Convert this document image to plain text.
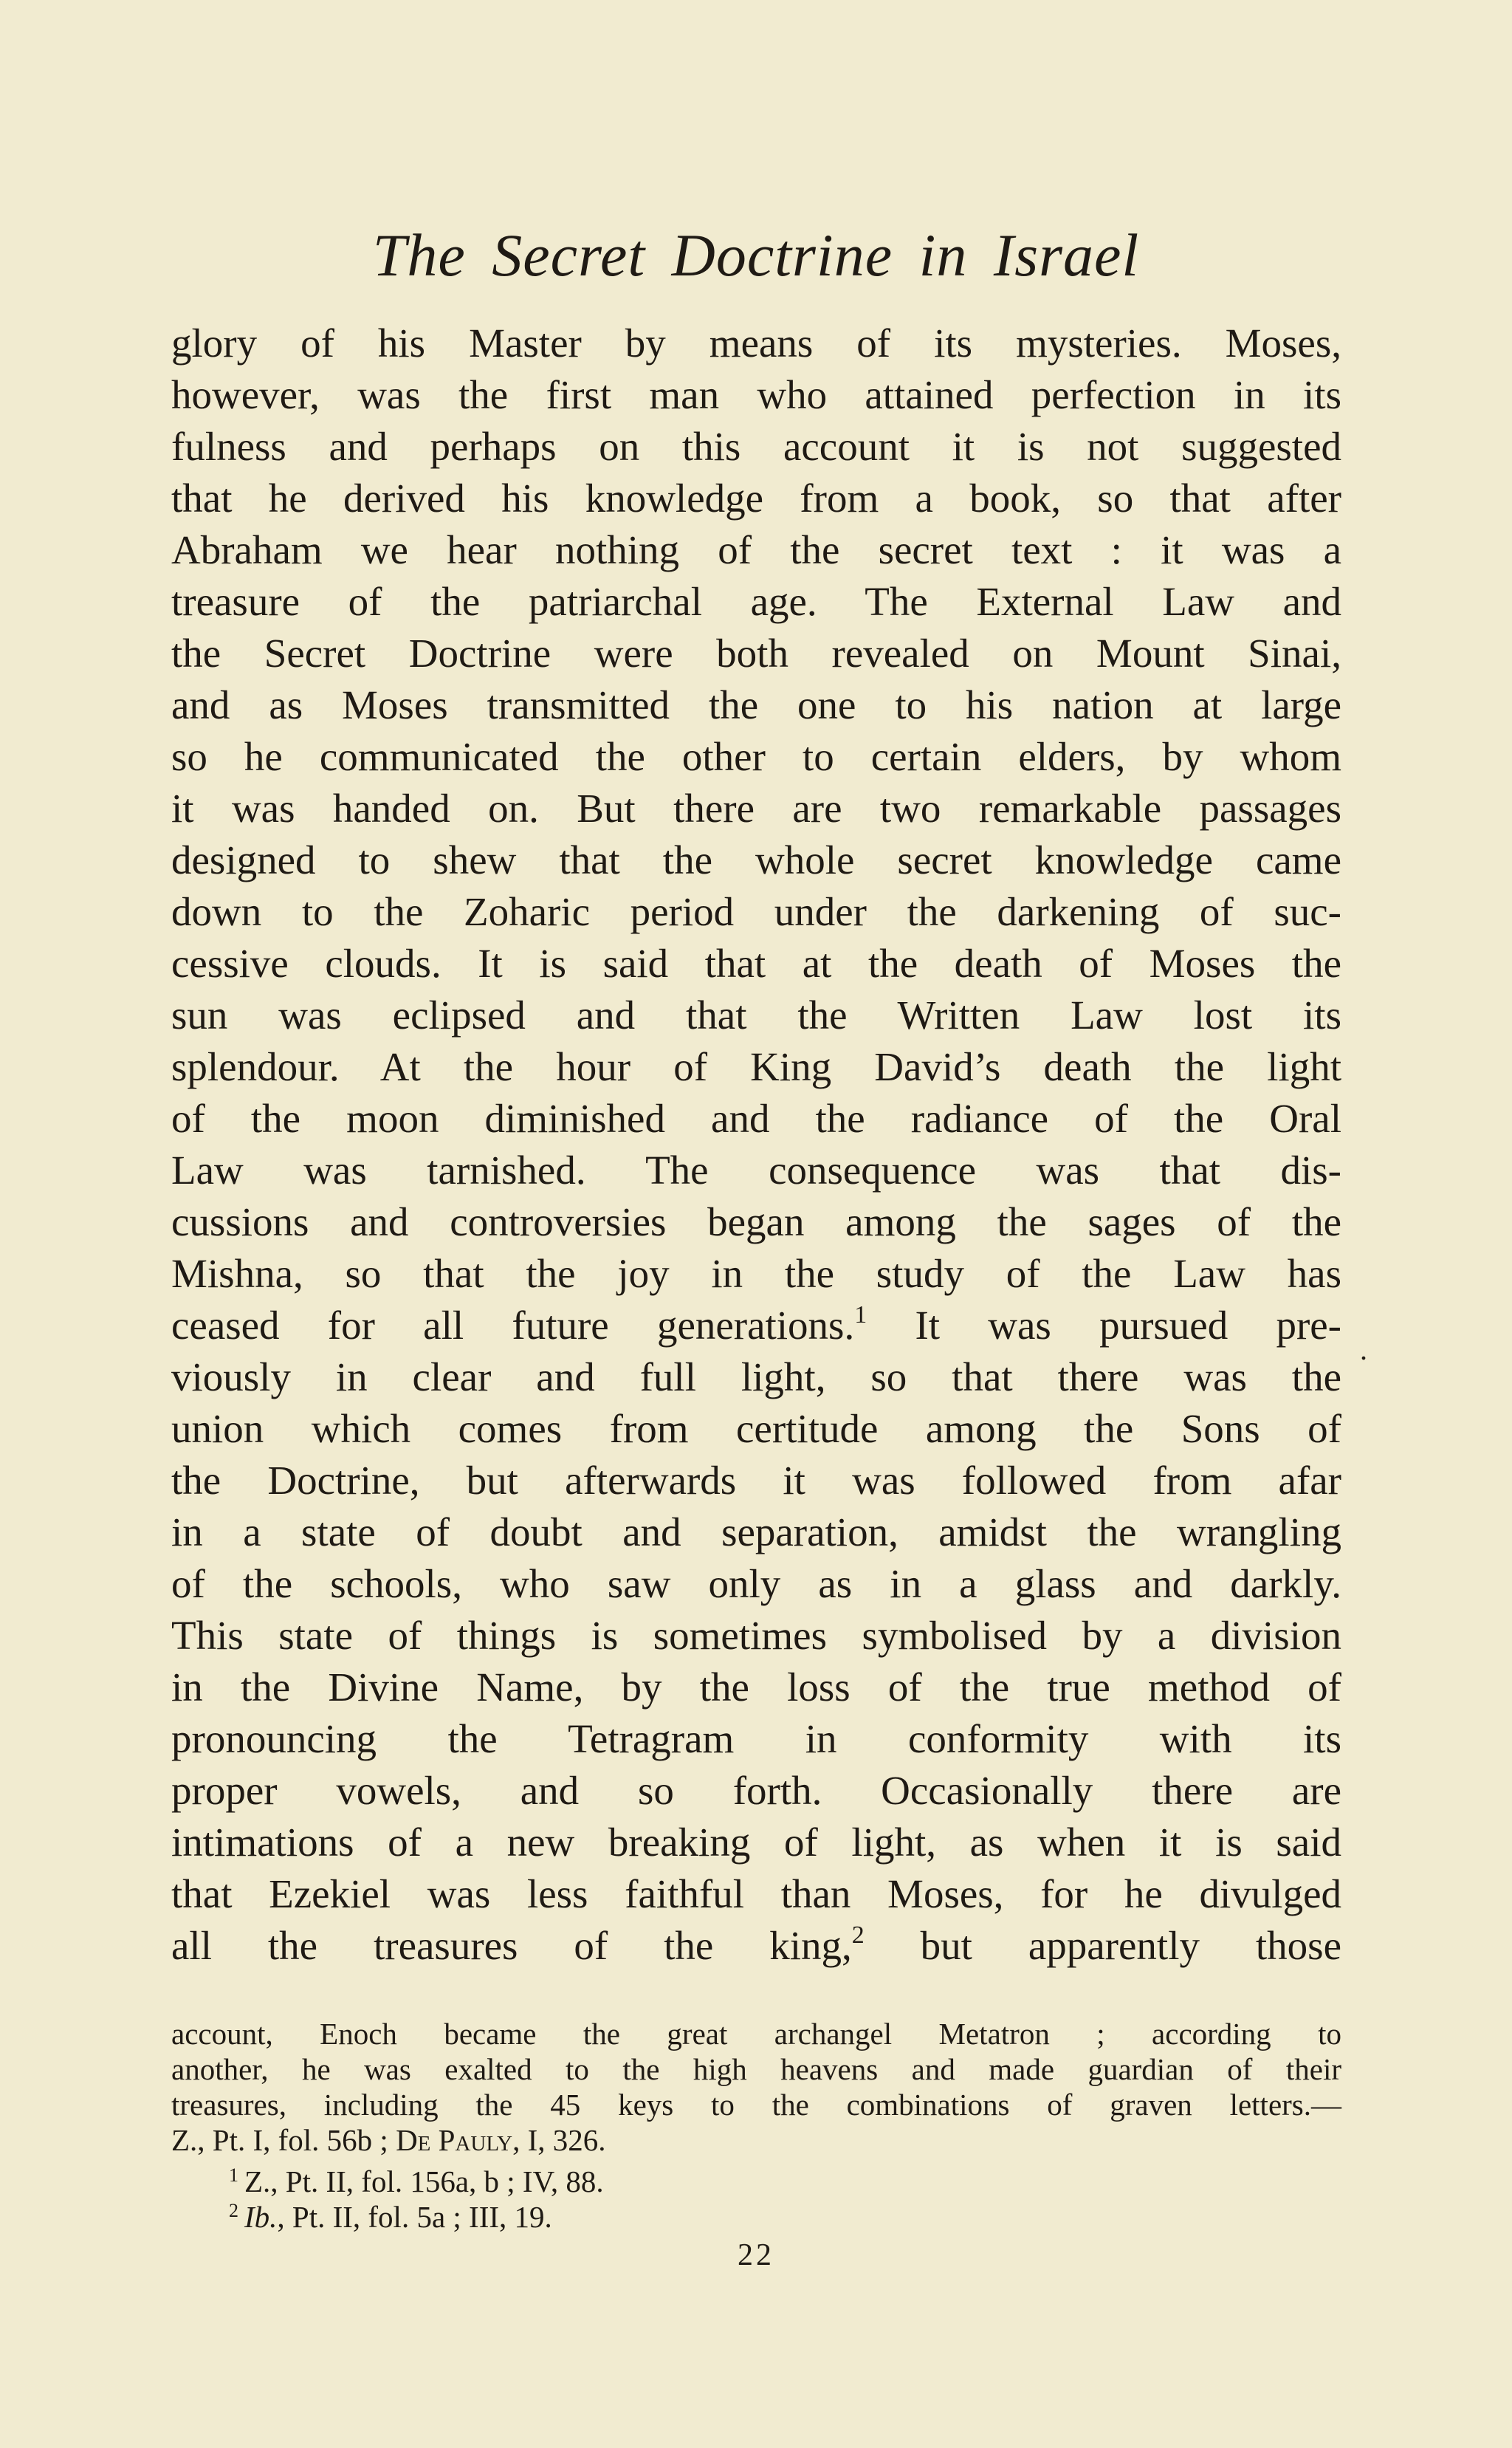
The Secret Doctrine in Israel
glory of his Master by means of its mysteries. Moses,
however, was the first man who attained perfection in its
fulness and perhaps on this account it is not suggested
that he derived his knowledge from a book, so that after
Abraham we hear nothing of the secret text : it was a
treasure of the patriarchal age. The External Law and
the Secret Doctrine were both revealed on Mount Sinai,
and as Moses transmitted the one to his nation at large
so he communicated the other to certain elders, by whom
it was handed on. But there are two remarkable passages
designed to shew that the whole secret knowledge came
down to the Zoharic period under the darkening of suc-
cessive clouds. It is said that at the death of Moses the
sun was eclipsed and that the Written Law lost its
splendour. At the hour of King David’s death the light
of the moon diminished and the radiance of the Oral
Law was tarnished. The consequence was that dis-
cussions and controversies began among the sages of the
Mishna, so that the joy in the study of the Law has
ceased for all future generations.$^1$ It was pursued pre-
viously in clear and full light, so that there was the
union which comes from certitude among the Sons of
the Doctrine, but afterwards it was followed from afar
in a state of doubt and separation, amidst the wrangling
of the schools, who saw only as in a glass and darkly.
This state of things is sometimes symbolised by a division
in the Divine Name, by the loss of the true method of
pronouncing the Tetragram in conformity with its
proper vowels, and so forth. Occasionally there are
intimations of a new breaking of light, as when it is said
that Ezekiel was less faithful than Moses, for he divulged
all the treasures of the king,$^2$ but apparently those
.
account, Enoch became the great archangel Metatron ; according to
another, he was exalted to the high heavens and made guardian of their
treasures, including the 45 keys to the combinations of graven letters.—
Z., Pt. I, fol. 56b ; De Pauly, I, 326.
$^1$ Z., Pt. II, fol. 156a, b ; IV, 88.
$^2$ Ib., Pt. II, fol. 5a ; III, 19.
22
